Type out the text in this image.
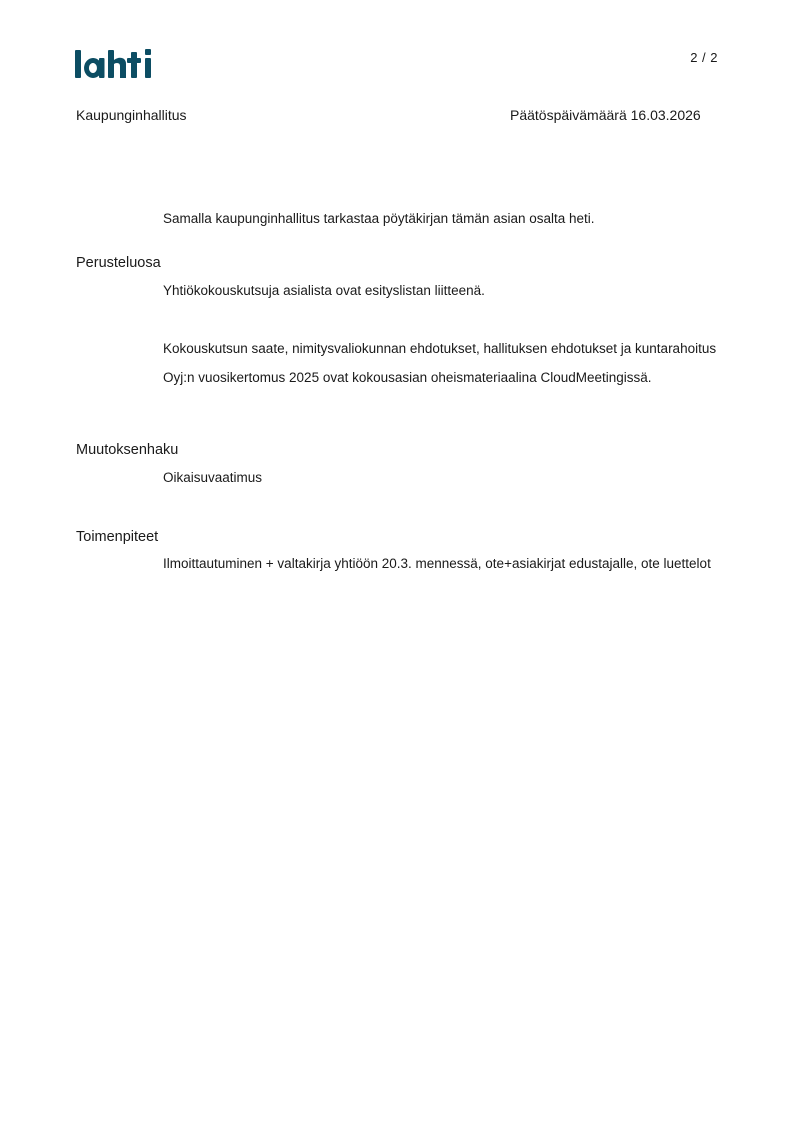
2 / 2
Kaupunginhallitus	Päätöspäivämäärä 16.03.2026
Samalla kaupunginhallitus tarkastaa pöytäkirjan tämän asian osalta heti.
Perusteluosa
Yhtiökokouskutsuja asialista ovat esityslistan liitteenä.
Kokouskutsun saate, nimitysvaliokunnan ehdotukset, hallituksen ehdotukset ja kuntarahoitus Oyj:n vuosikertomus 2025 ovat kokousasian oheismateriaalina CloudMeetingissä.
Muutoksenhaku
Oikaisuvaatimus
Toimenpiteet
Ilmoittautuminen + valtakirja yhtiöön 20.3. mennessä, ote+asiakirjat edustajalle, ote luettelot
